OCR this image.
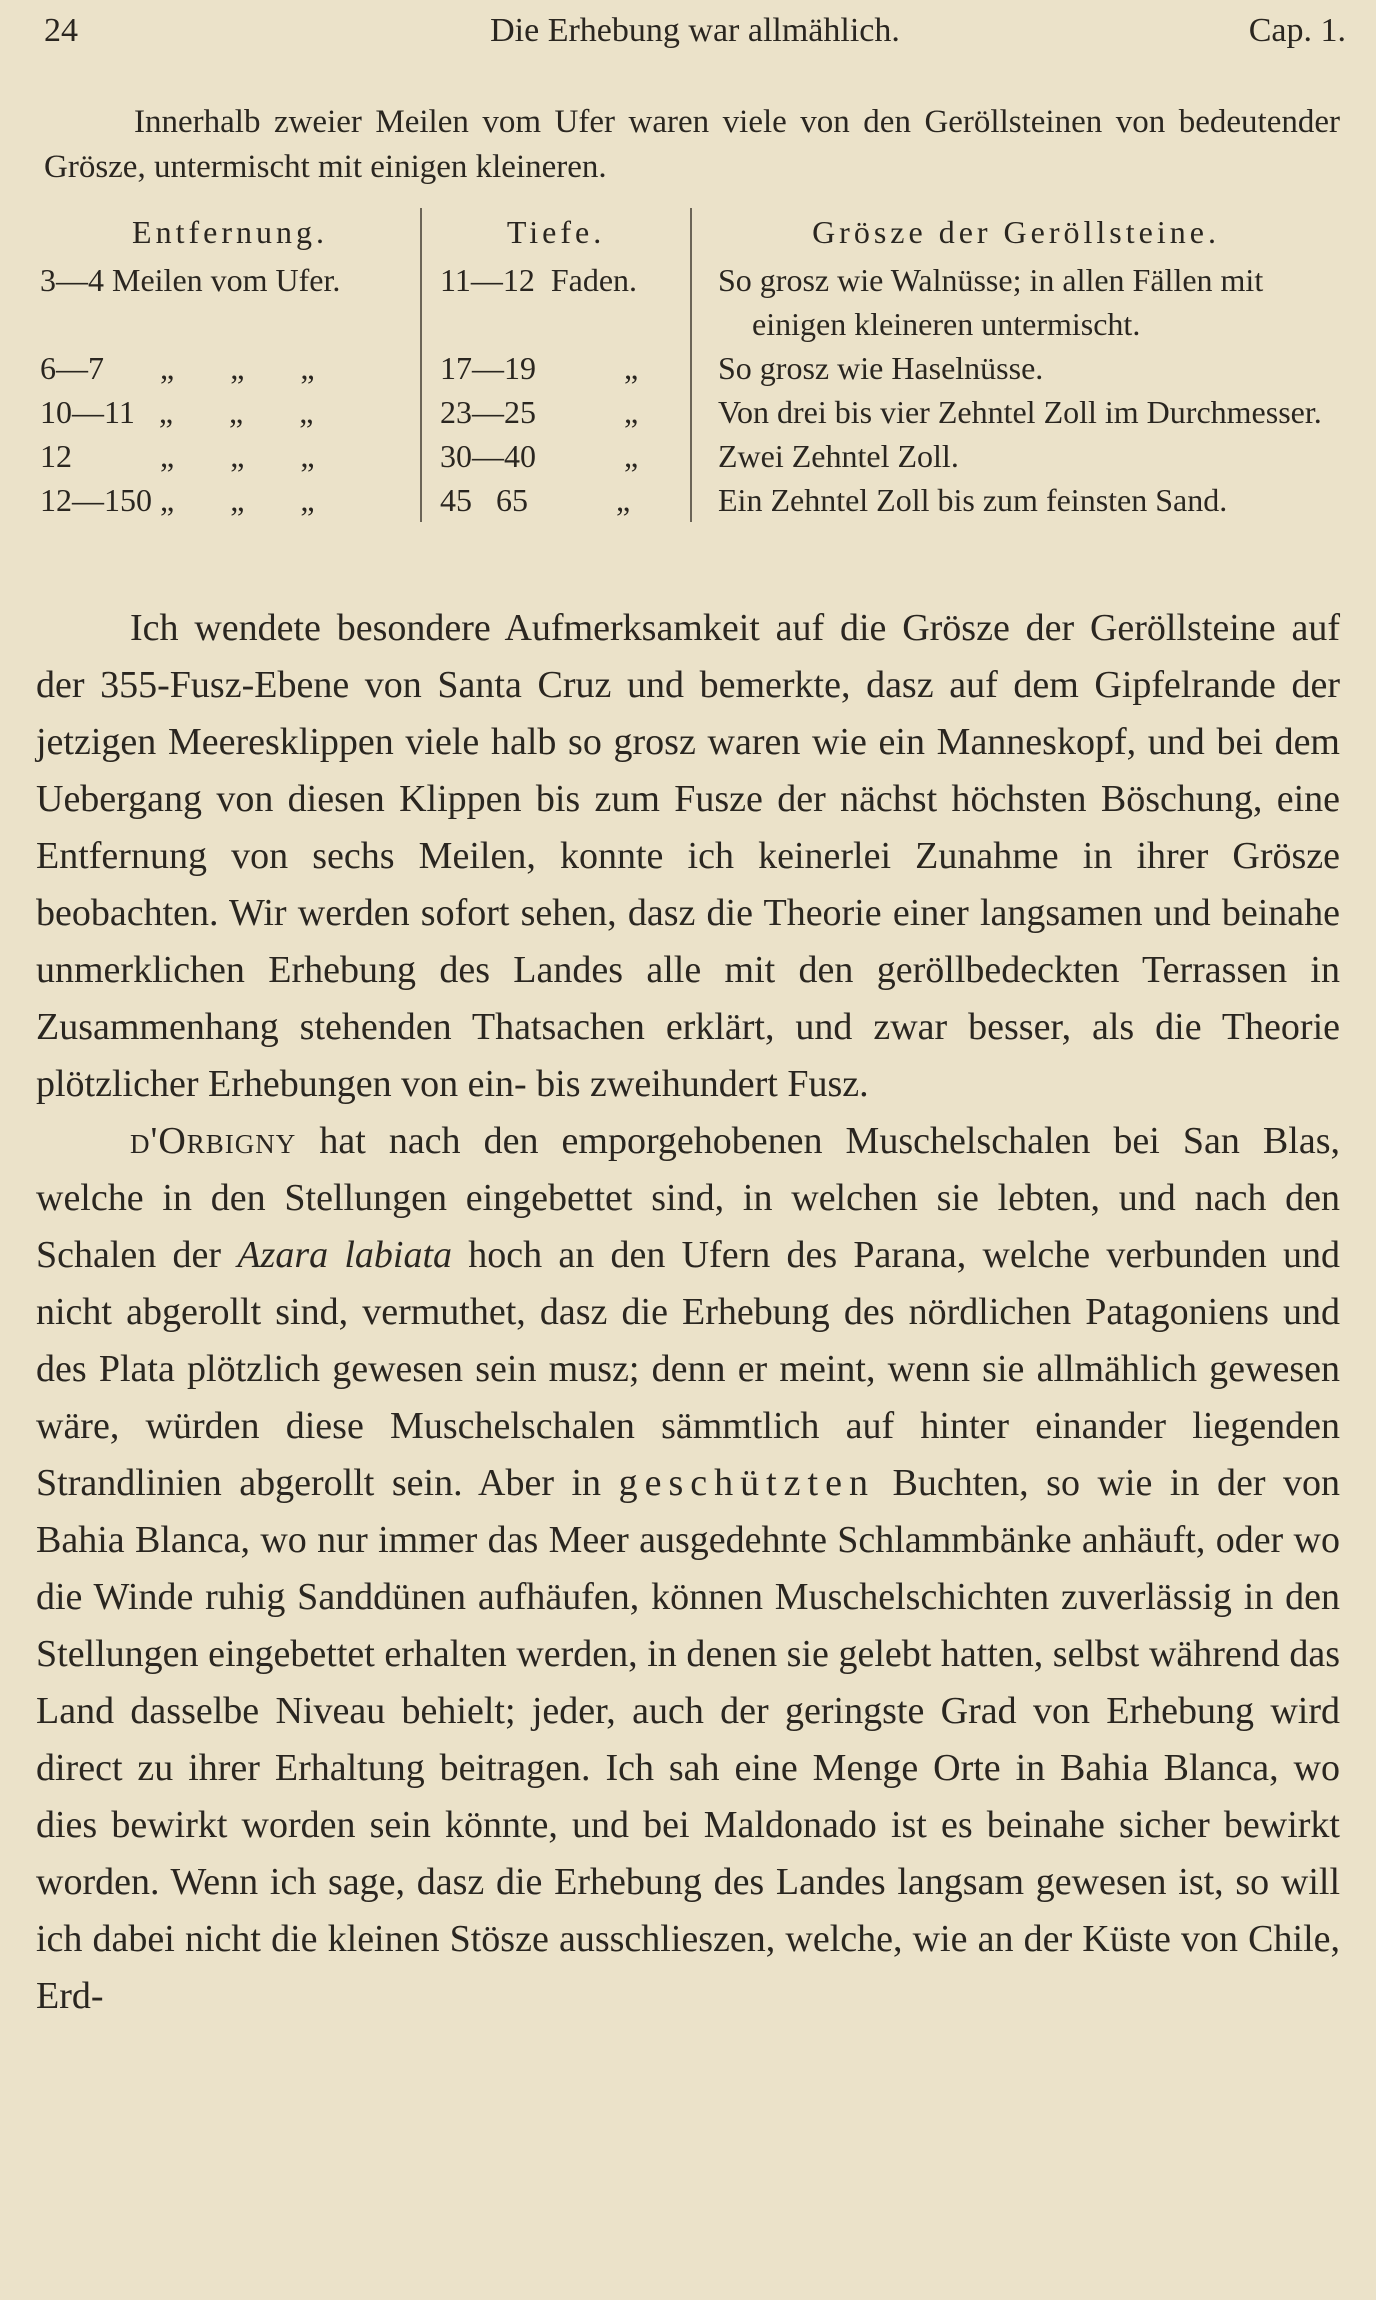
24	Die Erhebung war allmählich.	Cap. 1.

Innerhalb zweier Meilen vom Ufer waren viele von den Geröllsteinen von bedeutender Grösze, untermischt mit einigen kleineren.

Entfernung.	Tiefe.	Grösze der Geröllsteine.
3—4 Meilen vom Ufer.	11—12  Faden.	So grosz wie Walnüsse; in allen Fällen mit einigen kleineren untermischt.

6—7       „       „       „	17—19           „	So grosz wie Haselnüsse.

10—11   „       „       „	23—25           „	Von drei bis vier Zehntel Zoll im Durchmesser.

12           „       „       „	30—40           „	Zwei Zehntel Zoll.

12—150 „       „       „	45   65           „	Ein Zehntel Zoll bis zum feinsten Sand.

Ich wendete besondere Aufmerksamkeit auf die Grösze der Geröllsteine auf der 355-Fusz-Ebene von Santa Cruz und bemerkte, dasz auf dem Gipfelrande der jetzigen Meeresklippen viele halb so grosz waren wie ein Manneskopf, und bei dem Uebergang von diesen Klippen bis zum Fusze der nächst höchsten Böschung, eine Entfernung von sechs Meilen, konnte ich keinerlei Zunahme in ihrer Grösze beobachten. Wir werden sofort sehen, dasz die Theorie einer langsamen und beinahe unmerklichen Erhebung des Landes alle mit den geröllbedeckten Terrassen in Zusammenhang stehenden Thatsachen erklärt, und zwar besser, als die Theorie plötzlicher Erhebungen von ein- bis zweihundert Fusz.

d'Orbigny hat nach den emporgehobenen Muschelschalen bei San Blas, welche in den Stellungen eingebettet sind, in welchen sie lebten, und nach den Schalen der Azara labiata hoch an den Ufern des Parana, welche verbunden und nicht abgerollt sind, vermuthet, dasz die Erhebung des nördlichen Patagoniens und des Plata plötzlich gewesen sein musz; denn er meint, wenn sie allmählich gewesen wäre, würden diese Muschelschalen sämmtlich auf hinter einander liegenden Strandlinien abgerollt sein. Aber in geschützten Buchten, so wie in der von Bahia Blanca, wo nur immer das Meer ausgedehnte Schlammbänke anhäuft, oder wo die Winde ruhig Sanddünen aufhäufen, können Muschelschichten zuverlässig in den Stellungen eingebettet erhalten werden, in denen sie gelebt hatten, selbst während das Land dasselbe Niveau behielt; jeder, auch der geringste Grad von Erhebung wird direct zu ihrer Erhaltung beitragen. Ich sah eine Menge Orte in Bahia Blanca, wo dies bewirkt worden sein könnte, und bei Maldonado ist es beinahe sicher bewirkt worden. Wenn ich sage, dasz die Erhebung des Landes langsam gewesen ist, so will ich dabei nicht die kleinen Stösze ausschlieszen, welche, wie an der Küste von Chile, Erd-
